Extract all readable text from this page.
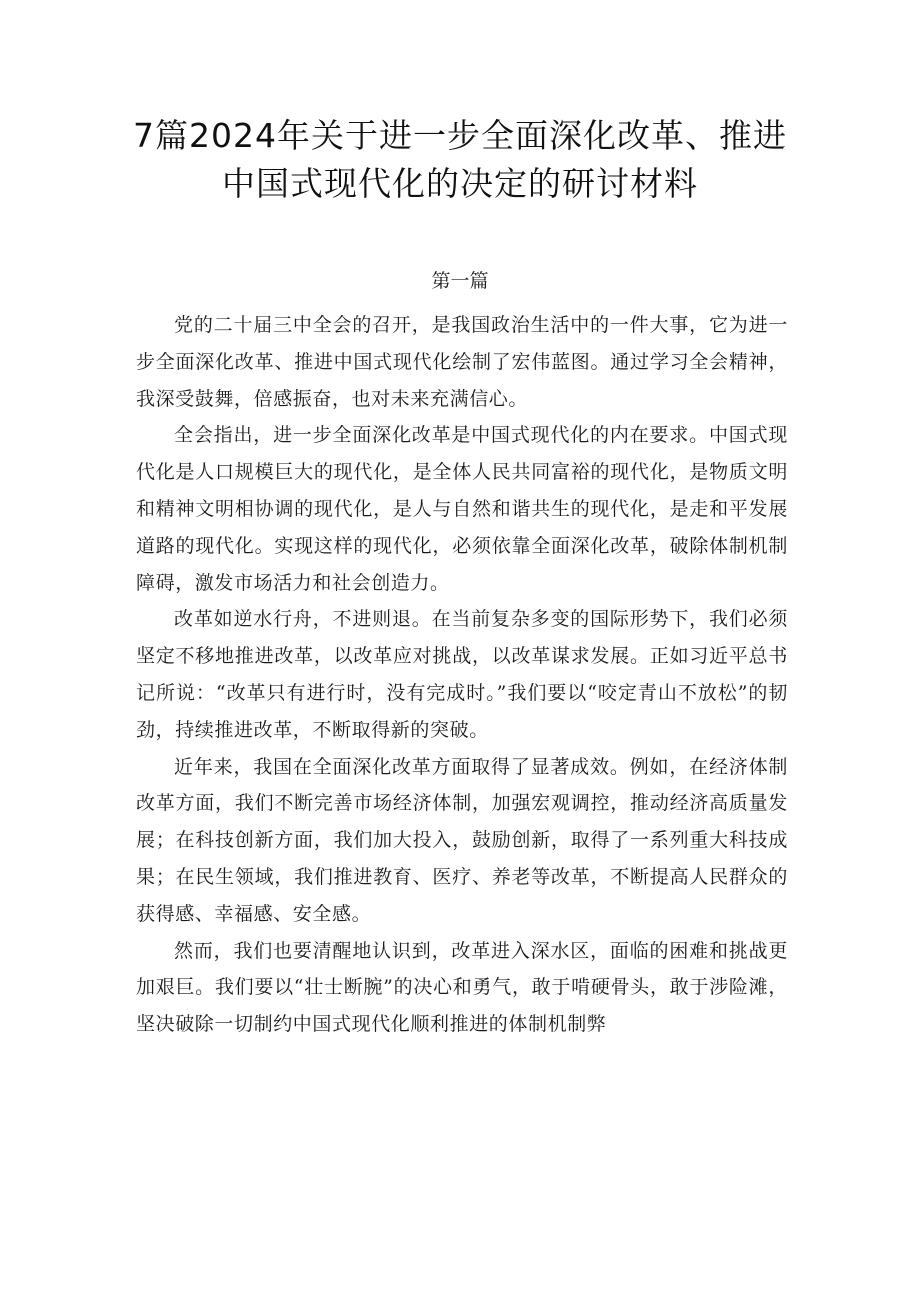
7篇2024年关于进一步全面深化改革、推进
中国式现代化的决定的研讨材料
第一篇

党的二十届三中全会的召开，是我国政治生活中的一件大事，它为进一步全面深化改革、推进中国式现代化绘制了宏伟蓝图。通过学习全会精神，我深受鼓舞，倍感振奋，也对未来充满信心。

全会指出，进一步全面深化改革是中国式现代化的内在要求。中国式现代化是人口规模巨大的现代化，是全体人民共同富裕的现代化，是物质文明和精神文明相协调的现代化，是人与自然和谐共生的现代化，是走和平发展道路的现代化。实现这样的现代化，必须依靠全面深化改革，破除体制机制障碍，激发市场活力和社会创造力。

改革如逆水行舟，不进则退。在当前复杂多变的国际形势下，我们必须坚定不移地推进改革，以改革应对挑战，以改革谋求发展。正如习近平总书记所说：“改革只有进行时，没有完成时。”我们要以“咬定青山不放松”的韧劲，持续推进改革，不断取得新的突破。

近年来，我国在全面深化改革方面取得了显著成效。例如，在经济体制改革方面，我们不断完善市场经济体制，加强宏观调控，推动经济高质量发展；在科技创新方面，我们加大投入，鼓励创新，取得了一系列重大科技成果；在民生领域，我们推进教育、医疗、养老等改革，不断提高人民群众的获得感、幸福感、安全感。

然而，我们也要清醒地认识到，改革进入深水区，面临的困难和挑战更加艰巨。我们要以“壮士断腕”的决心和勇气，敢于啃硬骨头，敢于涉险滩，坚决破除一切制约中国式现代化顺利推进的体制机制弊
